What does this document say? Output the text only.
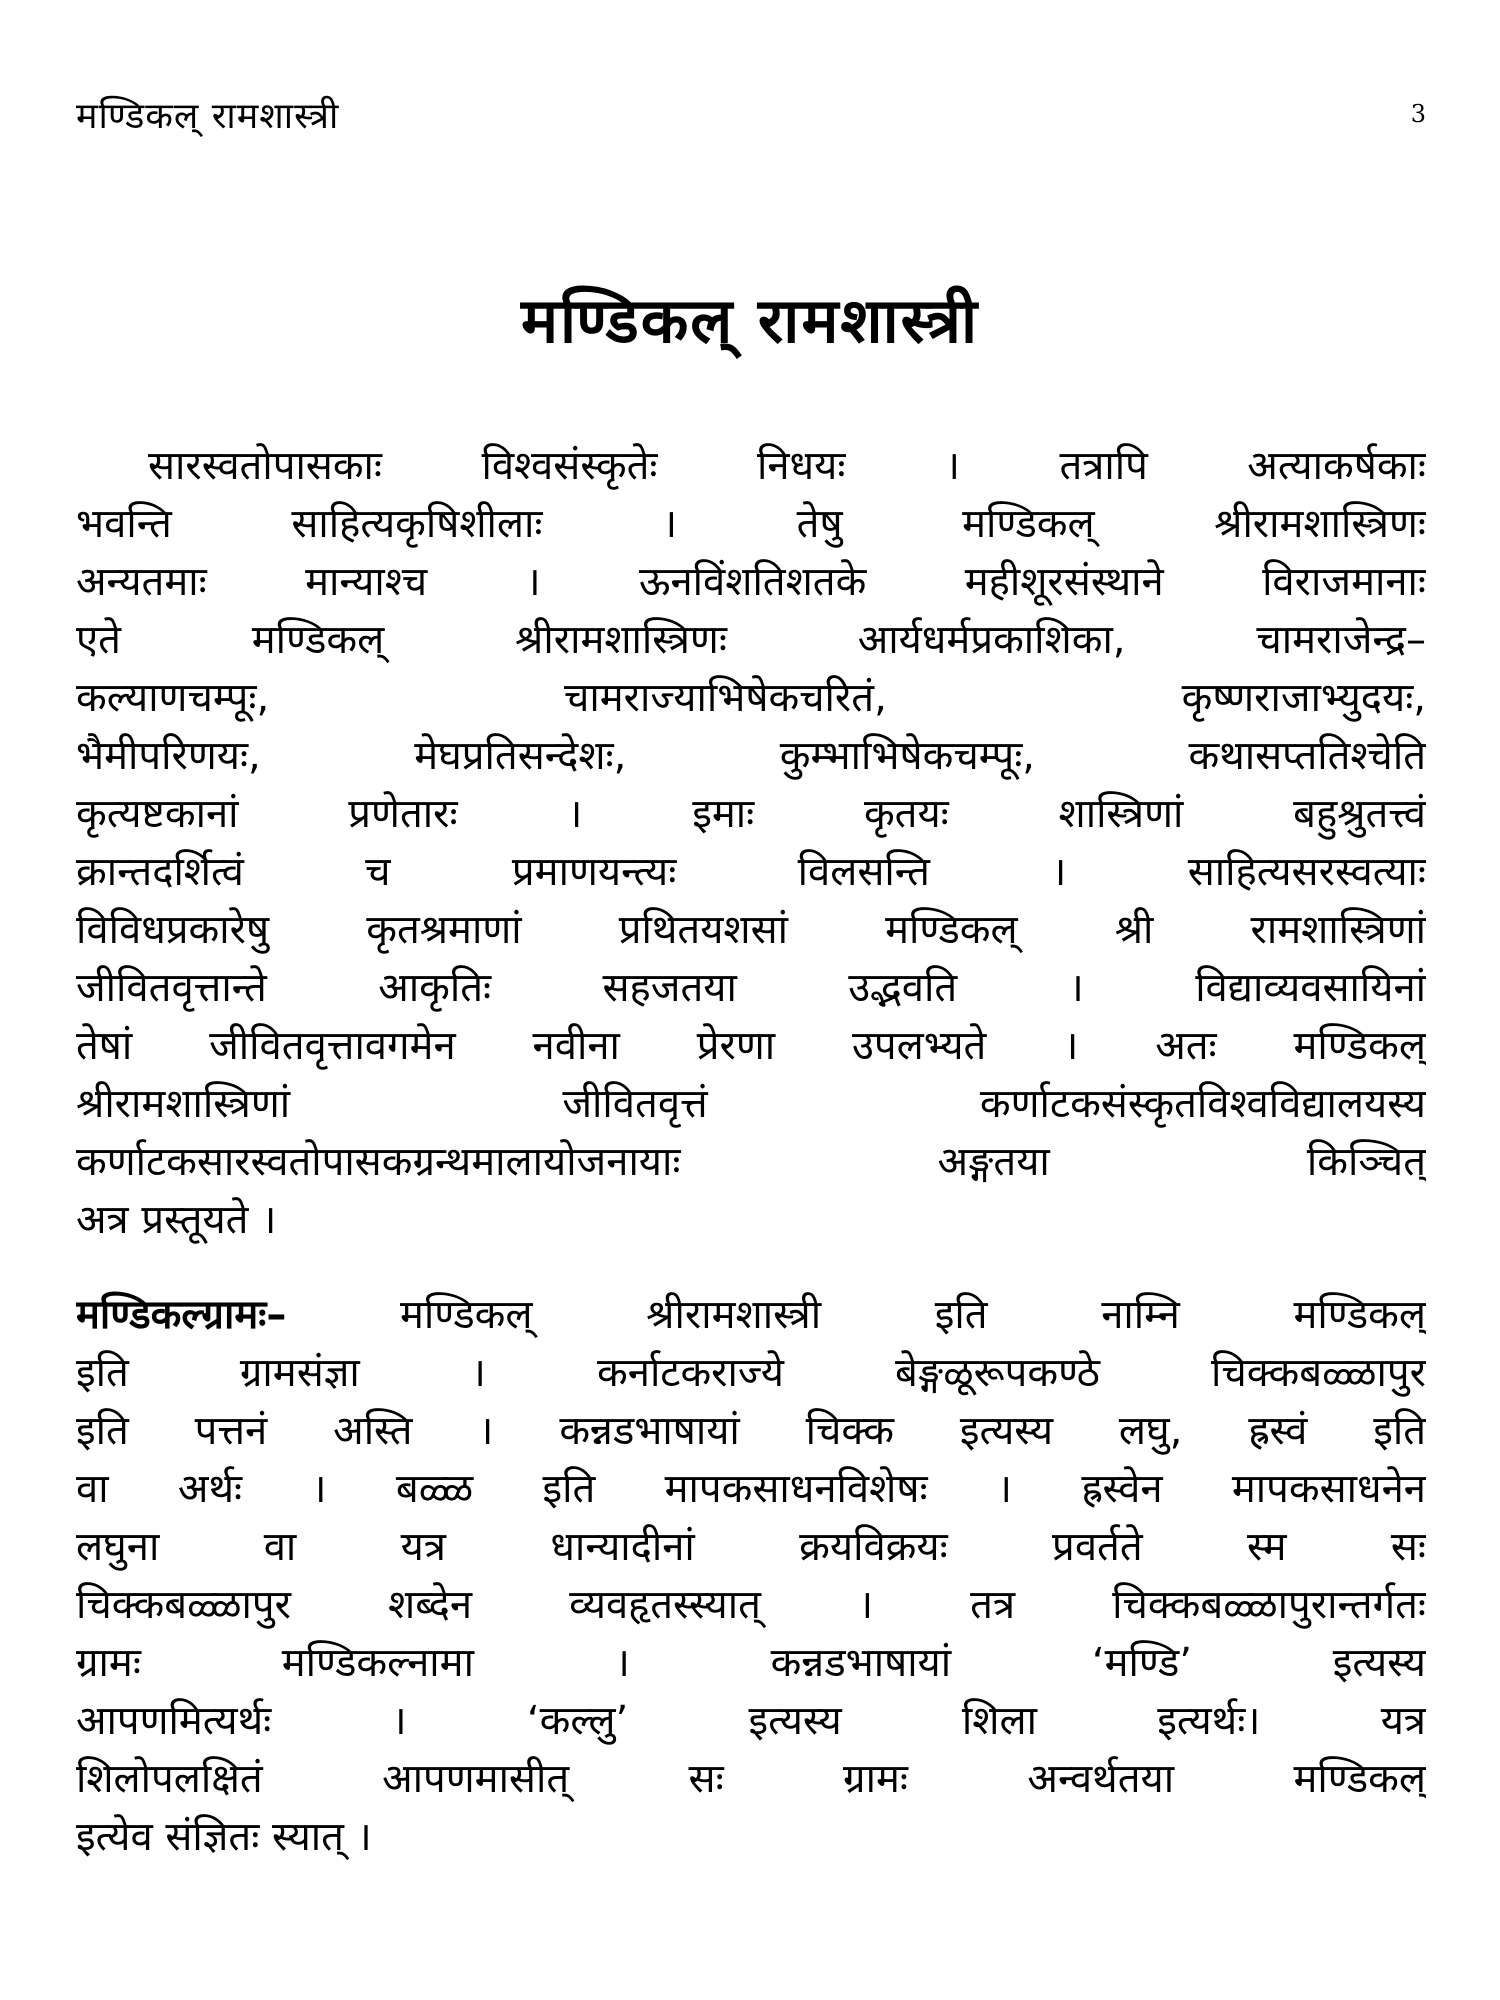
मण्डिकल् रामशास्त्री	3
मण्डिकल् रामशास्त्री
सारस्वतोपासकाः विश्वसंस्कृतेः निधयः । तत्रापि अत्याकर्षकाः
भवन्ति साहित्यकृषिशीलाः । तेषु मण्डिकल् श्रीरामशास्त्रिणः
अन्यतमाः मान्याश्च । ऊनविंशतिशतके महीशूरसंस्थाने विराजमानाः
एते मण्डिकल् श्रीरामशास्त्रिणः आर्यधर्मप्रकाशिका, चामराजेन्द्र–
कल्याणचम्पूः, चामराज्याभिषेकचरितं, कृष्णराजाभ्युदयः,
भैमीपरिणयः, मेघप्रतिसन्देशः, कुम्भाभिषेकचम्पूः, कथासप्ततिश्चेति
कृत्यष्टकानां प्रणेतारः । इमाः कृतयः शास्त्रिणां बहुश्रुतत्त्वं
क्रान्तदर्शित्वं च प्रमाणयन्त्यः विलसन्ति । साहित्यसरस्वत्याः
विविधप्रकारेषु कृतश्रमाणां प्रथितयशसां मण्डिकल् श्री रामशास्त्रिणां
जीवितवृत्तान्ते आकृतिः सहजतया उद्भवति । विद्याव्यवसायिनां
तेषां जीवितवृत्तावगमेन नवीना प्रेरणा उपलभ्यते । अतः मण्डिकल्
श्रीरामशास्त्रिणां जीवितवृत्तं कर्णाटकसंस्कृतविश्वविद्यालयस्य
कर्णाटकसारस्वतोपासकग्रन्थमालायोजनायाः अङ्गतया किञ्चित्
अत्र प्रस्तूयते ।
मण्डिकल्ग्रामः– मण्डिकल् श्रीरामशास्त्री इति नाम्नि मण्डिकल्
इति ग्रामसंज्ञा । कर्नाटकराज्ये बेङ्गळूरूपकण्ठे चिक्कबळ्ळापुर
इति पत्तनं अस्ति । कन्नडभाषायां चिक्क इत्यस्य लघु, ह्रस्वं इति
वा अर्थः । बळ्ळ इति मापकसाधनविशेषः । ह्रस्वेन मापकसाधनेन
लघुना वा यत्र धान्यादीनां क्रयविक्रयः प्रवर्तते स्म सः
चिक्कबळ्ळापुर शब्देन व्यवहृतस्स्यात् । तत्र चिक्कबळ्ळापुरान्तर्गतः
ग्रामः मण्डिकल्नामा । कन्नडभाषायां ‘मण्डि’ इत्यस्य
आपणमित्यर्थः । ‘कल्लु’ इत्यस्य शिला इत्यर्थः। यत्र
शिलोपलक्षितं आपणमासीत् सः ग्रामः अन्वर्थतया मण्डिकल्
इत्येव संज्ञितः स्यात् ।
